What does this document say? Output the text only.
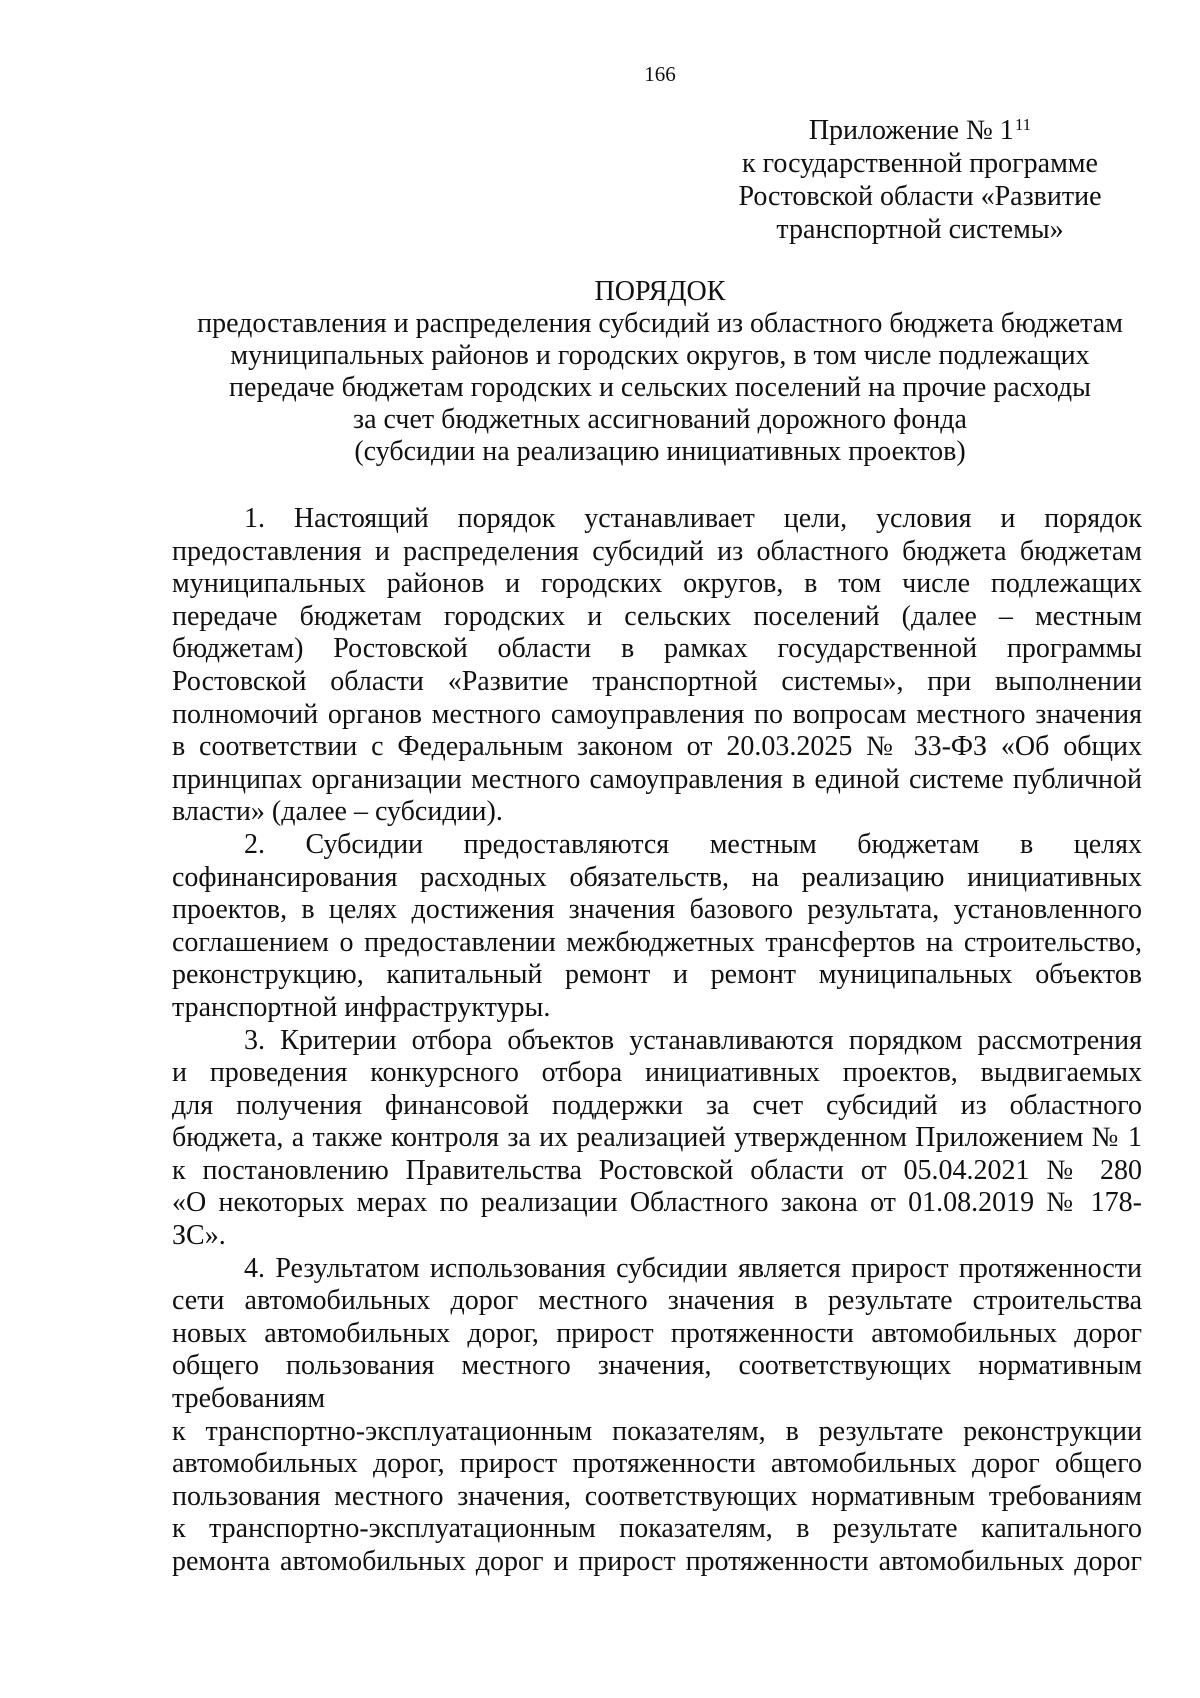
166
Приложение № $1^{11}$
к государственной программе
Ростовской области «Развитие
транспортной системы»
ПОРЯДОК
предоставления и распределения субсидий из областного бюджета бюджетам
муниципальных районов и городских округов, в том числе подлежащих
передаче бюджетам городских и сельских поселений на прочие расходы
за счет бюджетных ассигнований дорожного фонда
(субсидии на реализацию инициативных проектов)
1. Настоящий порядок устанавливает цели, условия и порядок
предоставления и распределения субсидий из областного бюджета бюджетам
муниципальных районов и городских округов, в том числе подлежащих
передаче бюджетам городских и сельских поселений (далее – местным
бюджетам) Ростовской области в рамках государственной программы
Ростовской области «Развитие транспортной системы», при выполнении
полномочий органов местного самоуправления по вопросам местного значения
в соответствии с Федеральным законом от 20.03.2025 № 33-ФЗ «Об общих
принципах организации местного самоуправления в единой системе публичной
власти» (далее – субсидии).
2. Субсидии предоставляются местным бюджетам в целях
софинансирования расходных обязательств, на реализацию инициативных
проектов, в целях достижения значения базового результата, установленного
соглашением о предоставлении межбюджетных трансфертов на строительство,
реконструкцию, капитальный ремонт и ремонт муниципальных объектов
транспортной инфраструктуры.
3. Критерии отбора объектов устанавливаются порядком рассмотрения
и проведения конкурсного отбора инициативных проектов, выдвигаемых
для получения финансовой поддержки за счет субсидий из областного
бюджета, а также контроля за их реализацией утвержденном Приложением № 1
к постановлению Правительства Ростовской области от 05.04.2021 № 280
«О некоторых мерах по реализации Областного закона от 01.08.2019 № 178-
ЗС».
4. Результатом использования субсидии является прирост протяженности
сети автомобильных дорог местного значения в результате строительства
новых автомобильных дорог, прирост протяженности автомобильных дорог
общего пользования местного значения, соответствующих нормативным
требованиям
к транспортно-эксплуатационным показателям, в результате реконструкции
автомобильных дорог, прирост протяженности автомобильных дорог общего
пользования местного значения, соответствующих нормативным требованиям
к транспортно-эксплуатационным показателям, в результате капитального
ремонта автомобильных дорог и прирост протяженности автомобильных дорог
